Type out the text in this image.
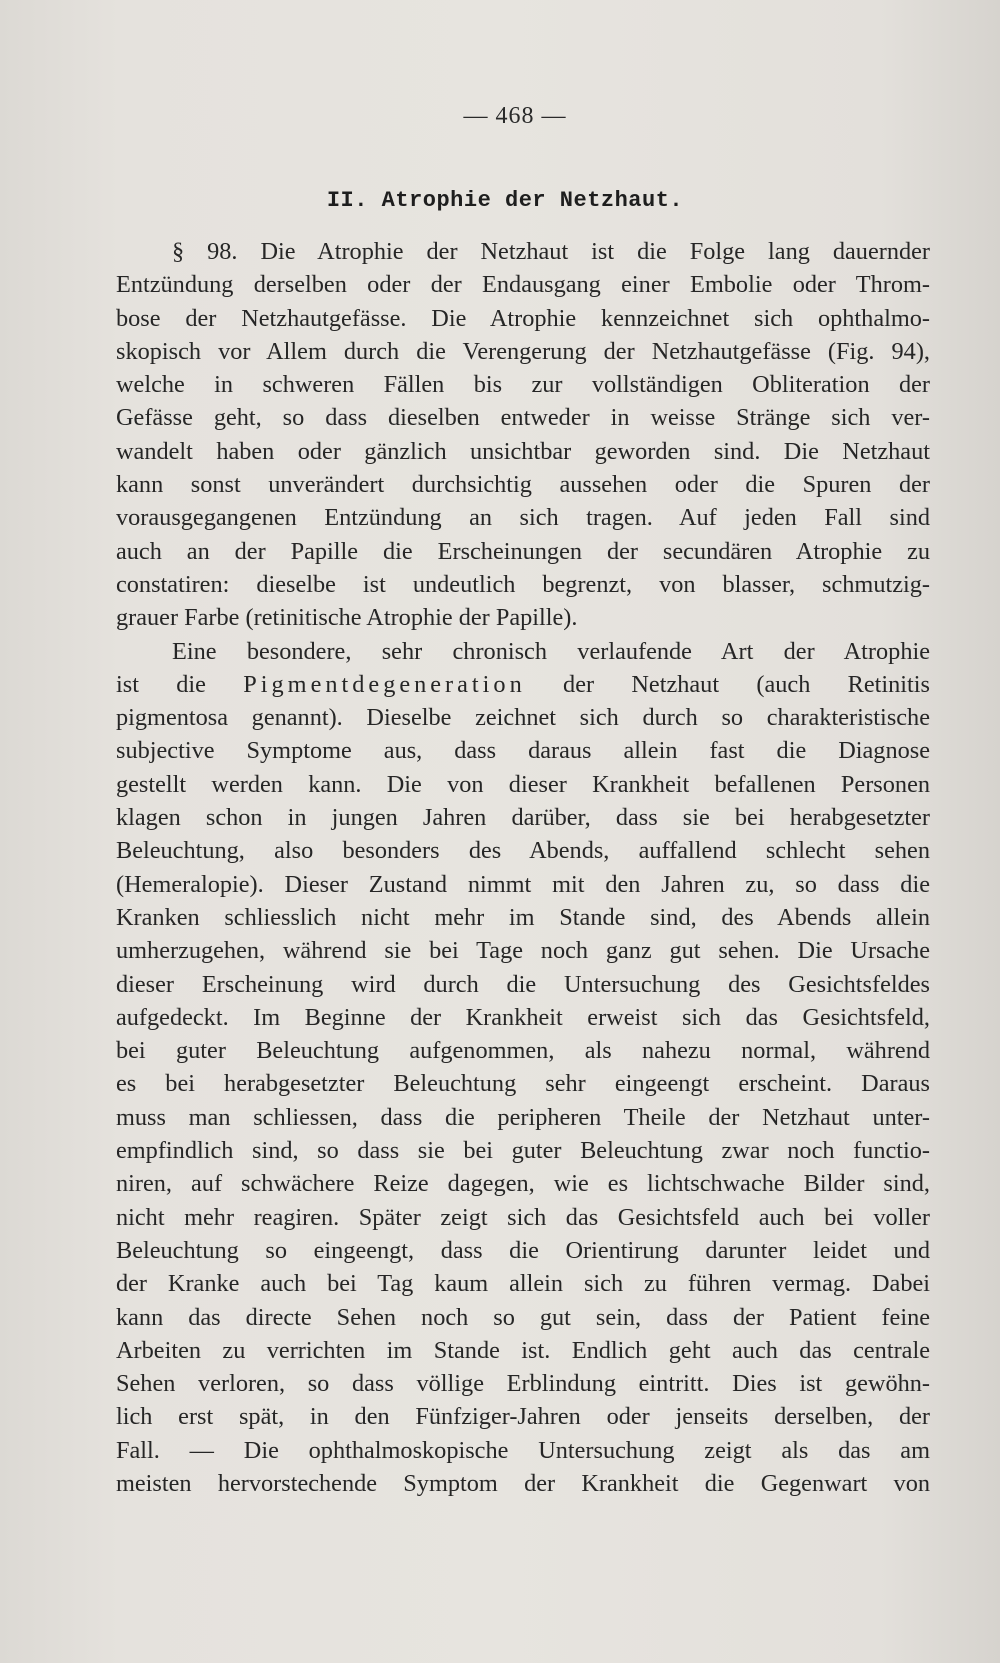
— 468 —
II. Atrophie der Netzhaut.
§ 98. Die Atrophie der Netzhaut ist die Folge lang dauernder
Entzündung derselben oder der Endausgang einer Embolie oder Throm-
bose der Netzhautgefässe. Die Atrophie kennzeichnet sich ophthalmo-
skopisch vor Allem durch die Verengerung der Netzhautgefässe (Fig. 94),
welche in schweren Fällen bis zur vollständigen Obliteration der
Gefässe geht, so dass dieselben entweder in weisse Stränge sich ver-
wandelt haben oder gänzlich unsichtbar geworden sind. Die Netzhaut
kann sonst unverändert durchsichtig aussehen oder die Spuren der
vorausgegangenen Entzündung an sich tragen. Auf jeden Fall sind
auch an der Papille die Erscheinungen der secundären Atrophie zu
constatiren: dieselbe ist undeutlich begrenzt, von blasser, schmutzig-
grauer Farbe (retinitische Atrophie der Papille).
Eine besondere, sehr chronisch verlaufende Art der Atrophie
ist die Pigmentdegeneration der Netzhaut (auch Retinitis
pigmentosa genannt). Dieselbe zeichnet sich durch so charakteristische
subjective Symptome aus, dass daraus allein fast die Diagnose
gestellt werden kann. Die von dieser Krankheit befallenen Personen
klagen schon in jungen Jahren darüber, dass sie bei herabgesetzter
Beleuchtung, also besonders des Abends, auffallend schlecht sehen
(Hemeralopie). Dieser Zustand nimmt mit den Jahren zu, so dass die
Kranken schliesslich nicht mehr im Stande sind, des Abends allein
umherzugehen, während sie bei Tage noch ganz gut sehen. Die Ursache
dieser Erscheinung wird durch die Untersuchung des Gesichtsfeldes
aufgedeckt. Im Beginne der Krankheit erweist sich das Gesichtsfeld,
bei guter Beleuchtung aufgenommen, als nahezu normal, während
es bei herabgesetzter Beleuchtung sehr eingeengt erscheint. Daraus
muss man schliessen, dass die peripheren Theile der Netzhaut unter-
empfindlich sind, so dass sie bei guter Beleuchtung zwar noch functio-
niren, auf schwächere Reize dagegen, wie es lichtschwache Bilder sind,
nicht mehr reagiren. Später zeigt sich das Gesichtsfeld auch bei voller
Beleuchtung so eingeengt, dass die Orientirung darunter leidet und
der Kranke auch bei Tag kaum allein sich zu führen vermag. Dabei
kann das directe Sehen noch so gut sein, dass der Patient feine
Arbeiten zu verrichten im Stande ist. Endlich geht auch das centrale
Sehen verloren, so dass völlige Erblindung eintritt. Dies ist gewöhn-
lich erst spät, in den Fünfziger-Jahren oder jenseits derselben, der
Fall. — Die ophthalmoskopische Untersuchung zeigt als das am
meisten hervorstechende Symptom der Krankheit die Gegenwart von
